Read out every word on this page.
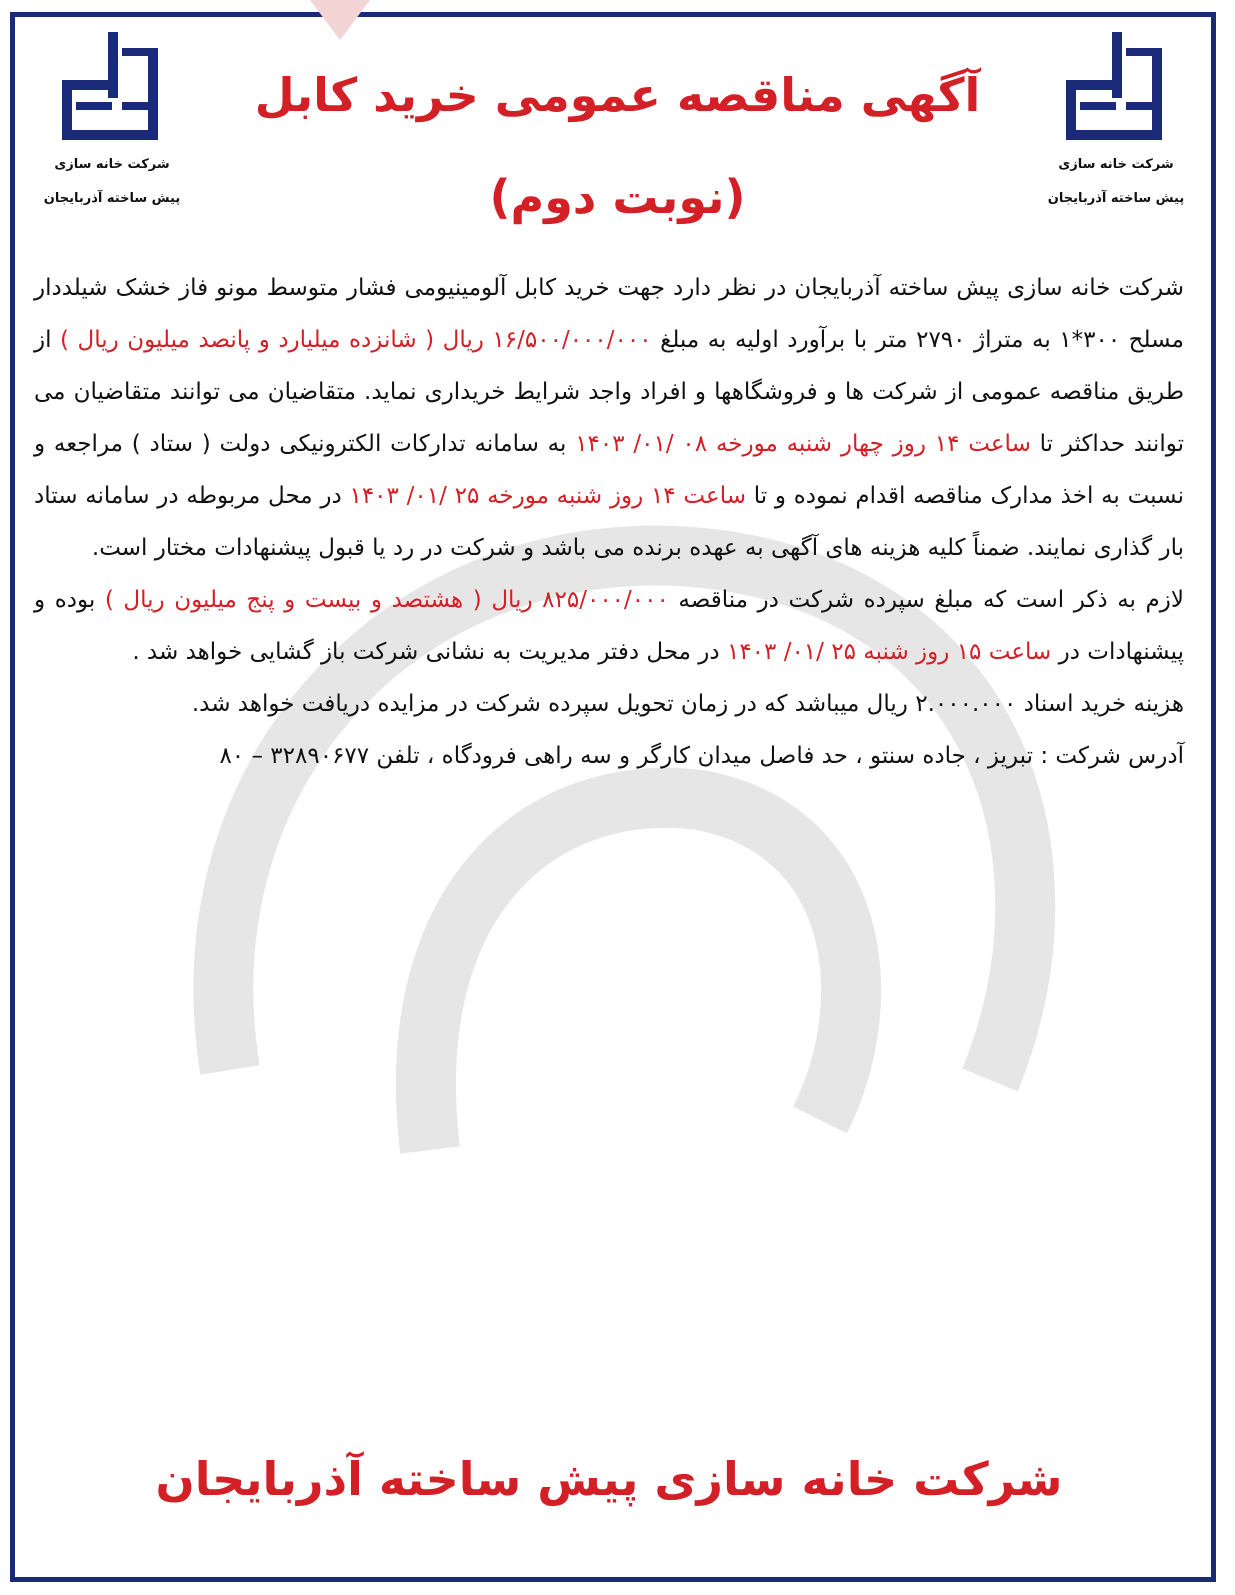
شرکت خانه سازی
پیش ساخته آذربایجان
شرکت خانه سازی
پیش ساخته آذربایجان
آگهی مناقصه عمومی خرید کابل
(نوبت دوم)

شرکت خانه سازی پیش ساخته آذربایجان در نظر دارد جهت خرید کابل آلومینیومی فشار متوسط مونو فاز خشک شیلددار مسلح ۳۰۰*۱ به متراژ ۲۷۹۰ متر با برآورد اولیه به مبلغ ۱۶/۵۰۰/۰۰۰/۰۰۰ ریال ( شانزده میلیارد و پانصد میلیون ریال ) از طریق مناقصه عمومی از شرکت ها و فروشگاهها و افراد واجد شرایط خریداری نماید. متقاضیان می توانند متقاضیان می توانند حداکثر تا ساعت ۱۴ روز چهار شنبه مورخه ۰۸ /۰۱/ ۱۴۰۳ به سامانه تدارکات الکترونیکی دولت ( ستاد ) مراجعه و نسبت به اخذ مدارک مناقصه اقدام نموده و تا ساعت ۱۴ روز شنبه مورخه ۲۵ /۰۱/ ۱۴۰۳ در محل مربوطه در سامانه ستاد بار گذاری نمایند. ضمناً کلیه هزینه های آگهی به عهده برنده می باشد و شرکت در رد یا قبول پیشنهادات مختار است.

لازم به ذکر است که مبلغ سپرده شرکت در مناقصه ۸۲۵/۰۰۰/۰۰۰ ریال ( هشتصد و بیست و پنج میلیون ریال ) بوده و پیشنهادات در ساعت ۱۵ روز شنبه ۲۵ /۰۱/ ۱۴۰۳ در محل دفتر مدیریت به نشانی شرکت باز گشایی خواهد شد .

هزینه خرید اسناد ۲.۰۰۰.۰۰۰ ریال میباشد که در زمان تحویل سپرده شرکت در مزایده دریافت خواهد شد.

آدرس شرکت : تبریز ، جاده سنتو ، حد فاصل میدان کارگر و سه راهی فرودگاه ، تلفن ۳۲۸۹۰۶۷۷ – ۸۰

شرکت خانه سازی پیش ساخته آذربایجان
